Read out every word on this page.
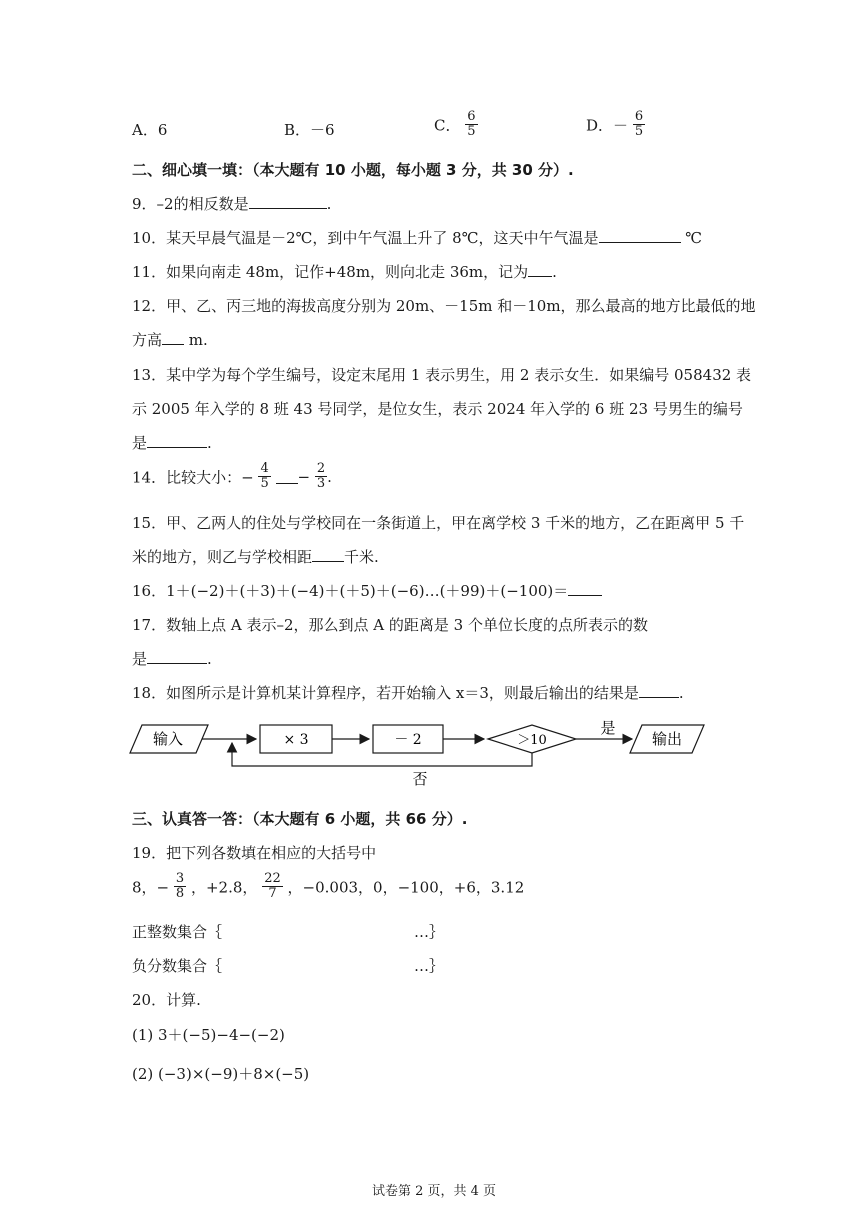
A．6	B．－6	C． $\frac{6}{5}$	D．－ $\frac{6}{5}$
二、细心填一填：（本大题有 10 小题，每小题 3 分，共 30 分）.
9．–2的相反数是	.
10．某天早晨气温是－2℃，到中午气温上升了 8℃，这天中午气温是	℃
11．如果向南走 48m，记作+48m，则向北走 36m，记为 .
12．甲、乙、丙三地的海拔高度分别为 20m、－15m 和－10m，那么最高的地方比最低的地
方高 m.
13．某中学为每个学生编号，设定末尾用 1 表示男生，用 2 表示女生．如果编号 058432 表
示 2005 年入学的 8 班 43 号同学，是位女生，表示 2024 年入学的 6 班 23 号男生的编号
是	.
14．比较大小：− $\frac{4}{5} - \frac{2}{3}$ .
15．甲、乙两人的住处与学校同在一条街道上，甲在离学校 3 千米的地方，乙在距离甲 5 千
米的地方，则乙与学校相距 千米.
16．1＋(−2)＋(＋3)＋(−4)＋(＋5)＋(−6)…(＋99)＋(−100)＝
17．数轴上点 A 表示–2，那么到点 A 的距离是 3 个单位长度的点所表示的数
是	.
18．如图所示是计算机某计算程序，若开始输入 x＝3，则最后输出的结果是	.
输入	× 3	－ 2	＞10
是
输出
否
三、认真答一答：（本大题有 6 小题，共 66 分）.
19．把下列各数填在相应的大括号中
8，− $\frac{3}{8}$ ，+2.8， $\frac{22}{7}$ ，−0.003，0，−100，+6，3.12
正整数集合｛	…｝
负分数集合｛	…｝
20．计算.
(1) 3＋(−5)−4−(−2)
(2) (−3)×(−9)＋8×(−5)
试卷第 2 页，共 4 页
